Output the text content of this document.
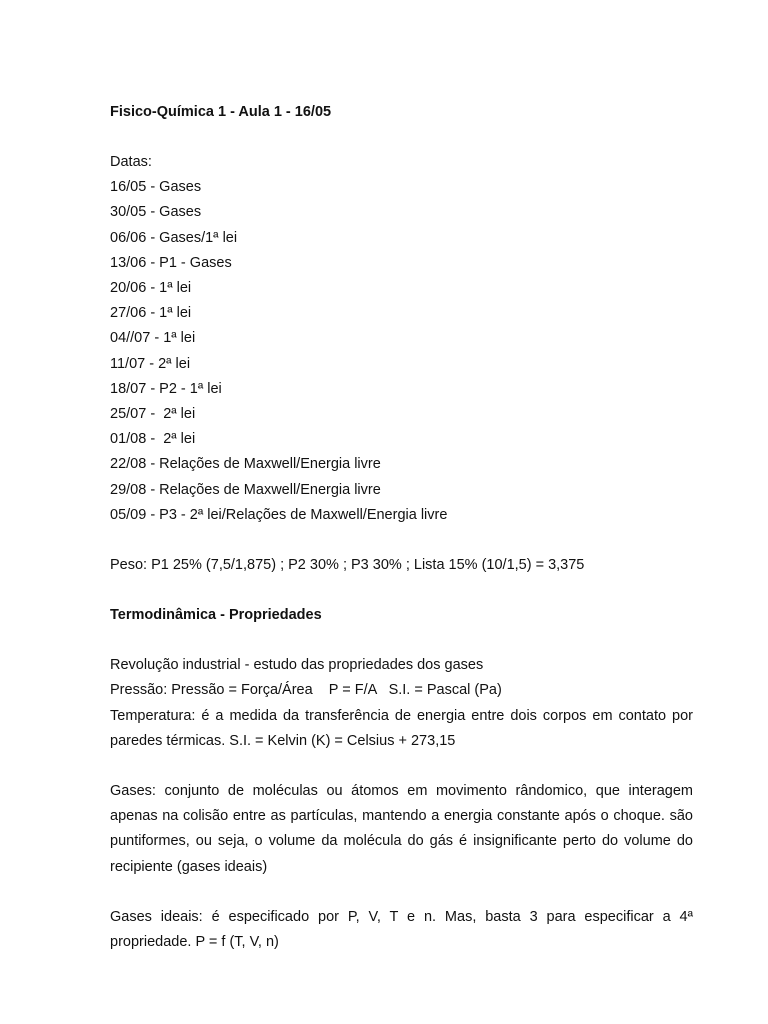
Fisico-Química 1 - Aula 1 - 16/05
Datas:
16/05 - Gases
30/05 - Gases
06/06 - Gases/1ª lei
13/06 - P1 - Gases
20/06 - 1ª lei
27/06 - 1ª lei
04//07 - 1ª lei
11/07 - 2ª lei
18/07 - P2 - 1ª lei
25/07 -  2ª lei
01/08 -  2ª lei
22/08 - Relações de Maxwell/Energia livre
29/08 - Relações de Maxwell/Energia livre
05/09 - P3 - 2ª lei/Relações de Maxwell/Energia livre
Peso: P1 25% (7,5/1,875) ; P2 30% ; P3 30% ; Lista 15% (10/1,5) = 3,375
Termodinâmica - Propriedades
Revolução industrial - estudo das propriedades dos gases
Pressão: Pressão = Força/Área    P = F/A   S.I. = Pascal (Pa)
Temperatura: é a medida da transferência de energia entre dois corpos em contato por paredes térmicas. S.I. = Kelvin (K) = Celsius + 273,15
Gases: conjunto de moléculas ou átomos em movimento rândomico, que interagem apenas na colisão entre as partículas, mantendo a energia constante após o choque. são puntiformes, ou seja, o volume da molécula do gás é insignificante perto do volume do recipiente (gases ideais)
Gases ideais: é especificado por P, V, T e n. Mas, basta 3 para especificar a 4ª propriedade. P = f (T, V, n)
